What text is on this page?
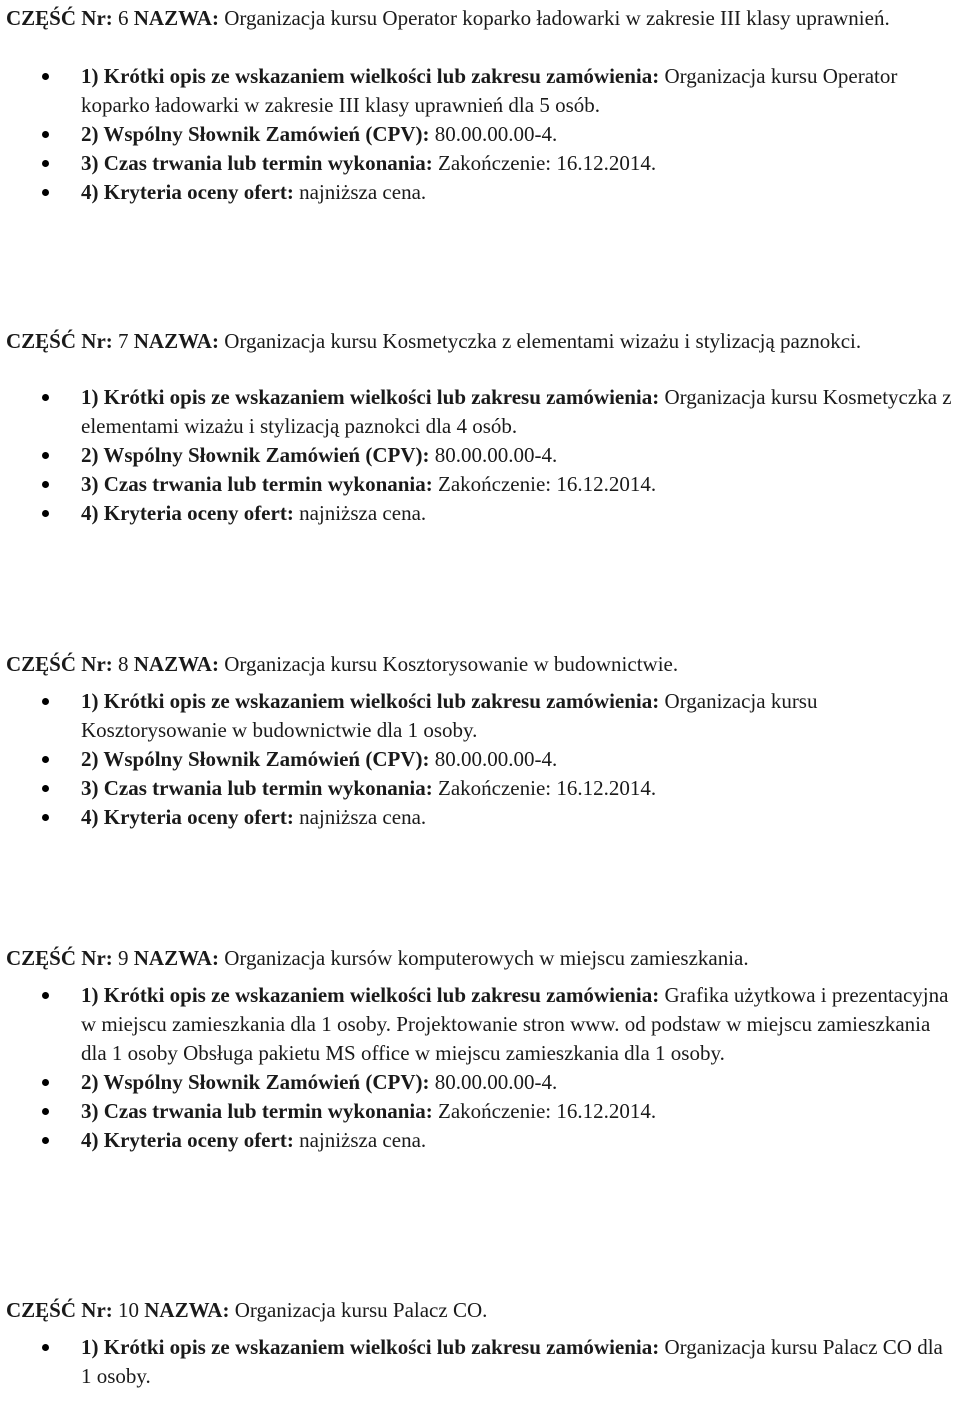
CZĘŚĆ Nr: 6 NAZWA: Organizacja kursu Operator koparko ładowarki w zakresie III klasy uprawnień.

1) Krótki opis ze wskazaniem wielkości lub zakresu zamówienia: Organizacja kursu Operator koparko ładowarki w zakresie III klasy uprawnień dla 5 osób.
2) Wspólny Słownik Zamówień (CPV): 80.00.00.00-4.
3) Czas trwania lub termin wykonania: Zakończenie: 16.12.2014.
4) Kryteria oceny ofert: najniższa cena.

CZĘŚĆ Nr: 7 NAZWA: Organizacja kursu Kosmetyczka z elementami wizażu i stylizacją paznokci.

1) Krótki opis ze wskazaniem wielkości lub zakresu zamówienia: Organizacja kursu Kosmetyczka z elementami wizażu i stylizacją paznokci dla 4 osób.
2) Wspólny Słownik Zamówień (CPV): 80.00.00.00-4.
3) Czas trwania lub termin wykonania: Zakończenie: 16.12.2014.
4) Kryteria oceny ofert: najniższa cena.

CZĘŚĆ Nr: 8 NAZWA: Organizacja kursu Kosztorysowanie w budownictwie.

1) Krótki opis ze wskazaniem wielkości lub zakresu zamówienia: Organizacja kursu Kosztorysowanie w budownictwie dla 1 osoby.
2) Wspólny Słownik Zamówień (CPV): 80.00.00.00-4.
3) Czas trwania lub termin wykonania: Zakończenie: 16.12.2014.
4) Kryteria oceny ofert: najniższa cena.

CZĘŚĆ Nr: 9 NAZWA: Organizacja kursów komputerowych w miejscu zamieszkania.

1) Krótki opis ze wskazaniem wielkości lub zakresu zamówienia: Grafika użytkowa i prezentacyjna w miejscu zamieszkania dla 1 osoby. Projektowanie stron www. od podstaw w miejscu zamieszkania dla 1 osoby Obsługa pakietu MS office w miejscu zamieszkania dla 1 osoby.
2) Wspólny Słownik Zamówień (CPV): 80.00.00.00-4.
3) Czas trwania lub termin wykonania: Zakończenie: 16.12.2014.
4) Kryteria oceny ofert: najniższa cena.

CZĘŚĆ Nr: 10 NAZWA: Organizacja kursu Palacz CO.

1) Krótki opis ze wskazaniem wielkości lub zakresu zamówienia: Organizacja kursu Palacz CO dla 1 osoby.
